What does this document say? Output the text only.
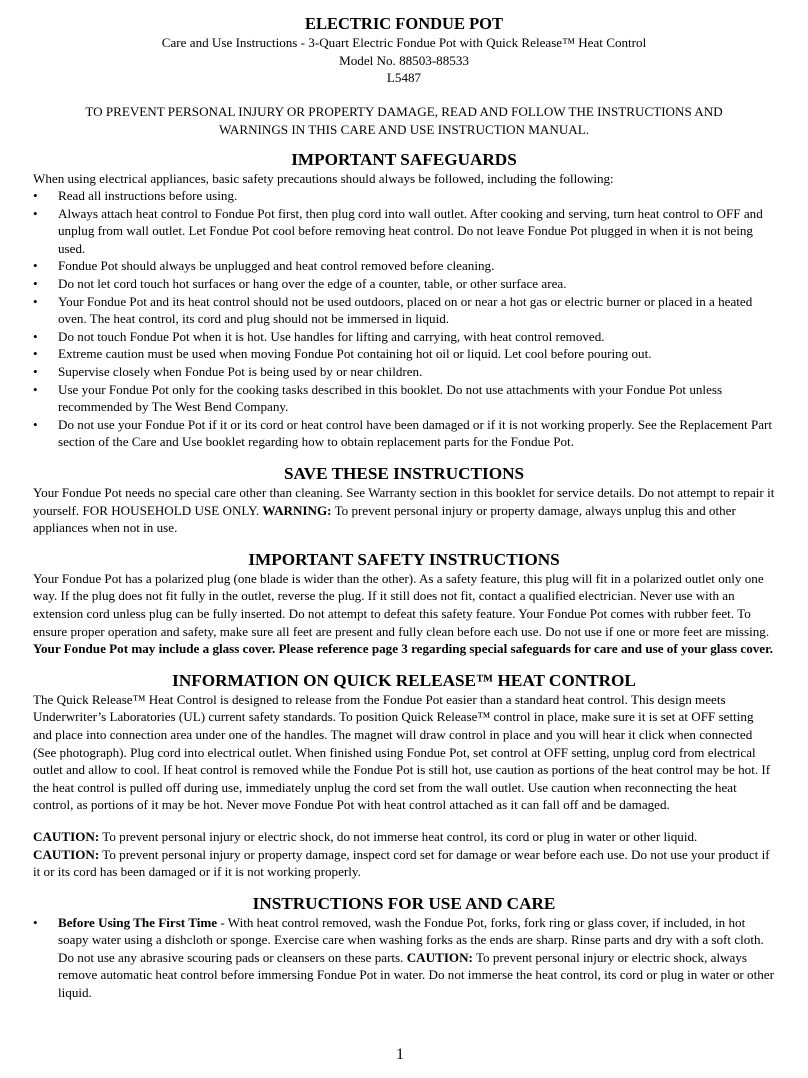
ELECTRIC FONDUE POT
Care and Use Instructions - 3-Quart Electric Fondue Pot with Quick Release™ Heat Control
Model No. 88503-88533
L5487
TO PREVENT PERSONAL INJURY OR PROPERTY DAMAGE, READ AND FOLLOW THE INSTRUCTIONS AND
WARNINGS IN THIS CARE AND USE INSTRUCTION MANUAL.
IMPORTANT SAFEGUARDS

When using electrical appliances, basic safety precautions should always be followed, including the following:

• Read all instructions before using.
• Always attach heat control to Fondue Pot first, then plug cord into wall outlet. After cooking and serving, turn heat control to OFF and unplug from wall outlet. Let Fondue Pot cool before removing heat control. Do not leave Fondue Pot plugged in when it is not being used.
• Fondue Pot should always be unplugged and heat control removed before cleaning.
• Do not let cord touch hot surfaces or hang over the edge of a counter, table, or other surface area.
• Your Fondue Pot and its heat control should not be used outdoors, placed on or near a hot gas or electric burner or placed in a heated oven. The heat control, its cord and plug should not be immersed in liquid.
• Do not touch Fondue Pot when it is hot. Use handles for lifting and carrying, with heat control removed.
• Extreme caution must be used when moving Fondue Pot containing hot oil or liquid. Let cool before pouring out.
• Supervise closely when Fondue Pot is being used by or near children.
• Use your Fondue Pot only for the cooking tasks described in this booklet. Do not use attachments with your Fondue Pot unless recommended by The West Bend Company.
• Do not use your Fondue Pot if it or its cord or heat control have been damaged or if it is not working properly. See the Replacement Part section of the Care and Use booklet regarding how to obtain replacement parts for the Fondue Pot.
SAVE THESE INSTRUCTIONS

Your Fondue Pot needs no special care other than cleaning. See Warranty section in this booklet for service details. Do not attempt to repair it yourself. FOR HOUSEHOLD USE ONLY. WARNING: To prevent personal injury or property damage, always unplug this and other appliances when not in use.

IMPORTANT SAFETY INSTRUCTIONS

Your Fondue Pot has a polarized plug (one blade is wider than the other). As a safety feature, this plug will fit in a polarized outlet only one way. If the plug does not fit fully in the outlet, reverse the plug. If it still does not fit, contact a qualified electrician. Never use with an extension cord unless plug can be fully inserted. Do not attempt to defeat this safety feature. Your Fondue Pot comes with rubber feet. To ensure proper operation and safety, make sure all feet are present and fully clean before each use. Do not use if one or more feet are missing. Your Fondue Pot may include a glass cover. Please reference page 3 regarding special safeguards for care and use of your glass cover.

INFORMATION ON QUICK RELEASE™ HEAT CONTROL

The Quick Release™ Heat Control is designed to release from the Fondue Pot easier than a standard heat control. This design meets Underwriter’s Laboratories (UL) current safety standards. To position Quick Release™ control in place, make sure it is set at OFF setting and place into connection area under one of the handles. The magnet will draw control in place and you will hear it click when connected (See photograph). Plug cord into electrical outlet. When finished using Fondue Pot, set control at OFF setting, unplug cord from electrical outlet and allow to cool. If heat control is removed while the Fondue Pot is still hot, use caution as portions of the heat control may be hot. If the heat control is pulled off during use, immediately unplug the cord set from the wall outlet. Use caution when reconnecting the heat control, as portions of it may be hot. Never move Fondue Pot with heat control attached as it can fall off and be damaged.

CAUTION: To prevent personal injury or electric shock, do not immerse heat control, its cord or plug in water or other liquid.

CAUTION: To prevent personal injury or property damage, inspect cord set for damage or wear before each use. Do not use your product if it or its cord has been damaged or if it is not working properly.

INSTRUCTIONS FOR USE AND CARE
• Before Using The First Time - With heat control removed, wash the Fondue Pot, forks, fork ring or glass cover, if included, in hot soapy water using a dishcloth or sponge. Exercise care when washing forks as the ends are sharp. Rinse parts and dry with a soft cloth. Do not use any abrasive scouring pads or cleansers on these parts. CAUTION: To prevent personal injury or electric shock, always remove automatic heat control before immersing Fondue Pot in water. Do not immerse the heat control, its cord or plug in water or other liquid.
1
